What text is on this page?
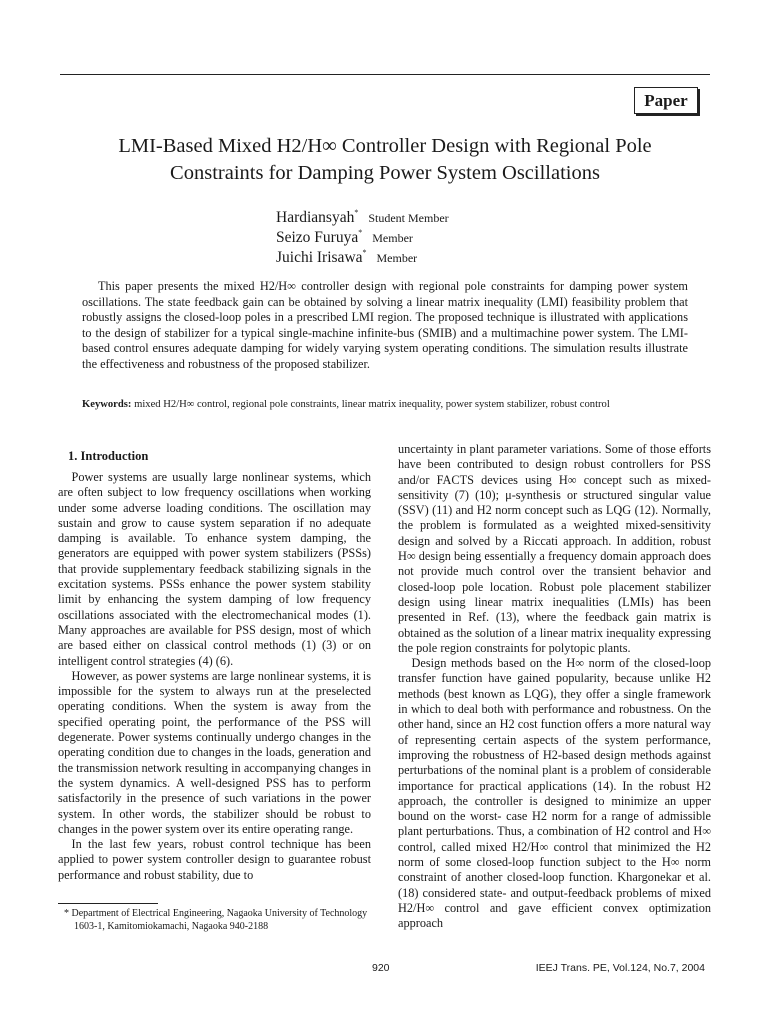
Paper
LMI-Based Mixed H2/H∞ Controller Design with Regional Pole
Constraints for Damping Power System Oscillations
Hardiansyah* Student Member
Seizo Furuya* Member
Juichi Irisawa* Member

This paper presents the mixed H2/H∞ controller design with regional pole constraints for damping power system oscillations. The state feedback gain can be obtained by solving a linear matrix inequality (LMI) feasibility problem that robustly assigns the closed-loop poles in a prescribed LMI region. The proposed technique is illustrated with applications to the design of stabilizer for a typical single-machine infinite-bus (SMIB) and a multimachine power system. The LMI-based control ensures adequate damping for widely varying system operating conditions. The simulation results illustrate the effectiveness and robustness of the proposed stabilizer.

Keywords: mixed H2/H∞ control, regional pole constraints, linear matrix inequality, power system stabilizer, robust control

1. Introduction

Power systems are usually large nonlinear systems, which are often subject to low frequency oscillations when working under some adverse loading conditions. The oscillation may sustain and grow to cause system separation if no adequate damping is available. To enhance system damping, the generators are equipped with power system stabilizers (PSSs) that provide supplementary feedback stabilizing signals in the excitation systems. PSSs enhance the power system stability limit by enhancing the system damping of low frequency oscillations associated with the electromechanical modes (1). Many approaches are available for PSS design, most of which are based either on classical control methods (1) (3) or on intelligent control strategies (4) (6).

However, as power systems are large nonlinear systems, it is impossible for the system to always run at the preselected operating conditions. When the system is away from the specified operating point, the performance of the PSS will degenerate. Power systems continually undergo changes in the operating condition due to changes in the loads, generation and the transmission network resulting in accompanying changes in the system dynamics. A well-designed PSS has to perform satisfactorily in the presence of such variations in the power system. In other words, the stabilizer should be robust to changes in the power system over its entire operating range.

In the last few years, robust control technique has been applied to power system controller design to guarantee robust performance and robust stability, due to

uncertainty in plant parameter variations. Some of those efforts have been contributed to design robust controllers for PSS and/or FACTS devices using H∞ concept such as mixed-sensitivity (7) (10); μ-synthesis or structured singular value (SSV) (11) and H2 norm concept such as LQG (12). Normally, the problem is formulated as a weighted mixed-sensitivity design and solved by a Riccati approach. In addition, robust H∞ design being essentially a frequency domain approach does not provide much control over the transient behavior and closed-loop pole location. Robust pole placement stabilizer design using linear matrix inequalities (LMIs) has been presented in Ref. (13), where the feedback gain matrix is obtained as the solution of a linear matrix inequality expressing the pole region constraints for polytopic plants.

Design methods based on the H∞ norm of the closed-loop transfer function have gained popularity, because unlike H2 methods (best known as LQG), they offer a single framework in which to deal both with performance and robustness. On the other hand, since an H2 cost function offers a more natural way of representing certain aspects of the system performance, improving the robustness of H2-based design methods against perturbations of the nominal plant is a problem of considerable importance for practical applications (14). In the robust H2 approach, the controller is designed to minimize an upper bound on the worst- case H2 norm for a range of admissible plant perturbations. Thus, a combination of H2 control and H∞ control, called mixed H2/H∞ control that minimized the H2 norm of some closed-loop function subject to the H∞ norm constraint of another closed-loop function. Khargonekar et al. (18) considered state- and output-feedback problems of mixed H2/H∞ control and gave efficient convex optimization approach

* Department of Electrical Engineering, Nagaoka University of Technology
1603-1, Kamitomiokamachi, Nagaoka 940-2188
920	IEEJ Trans. PE, Vol.124, No.7, 2004
